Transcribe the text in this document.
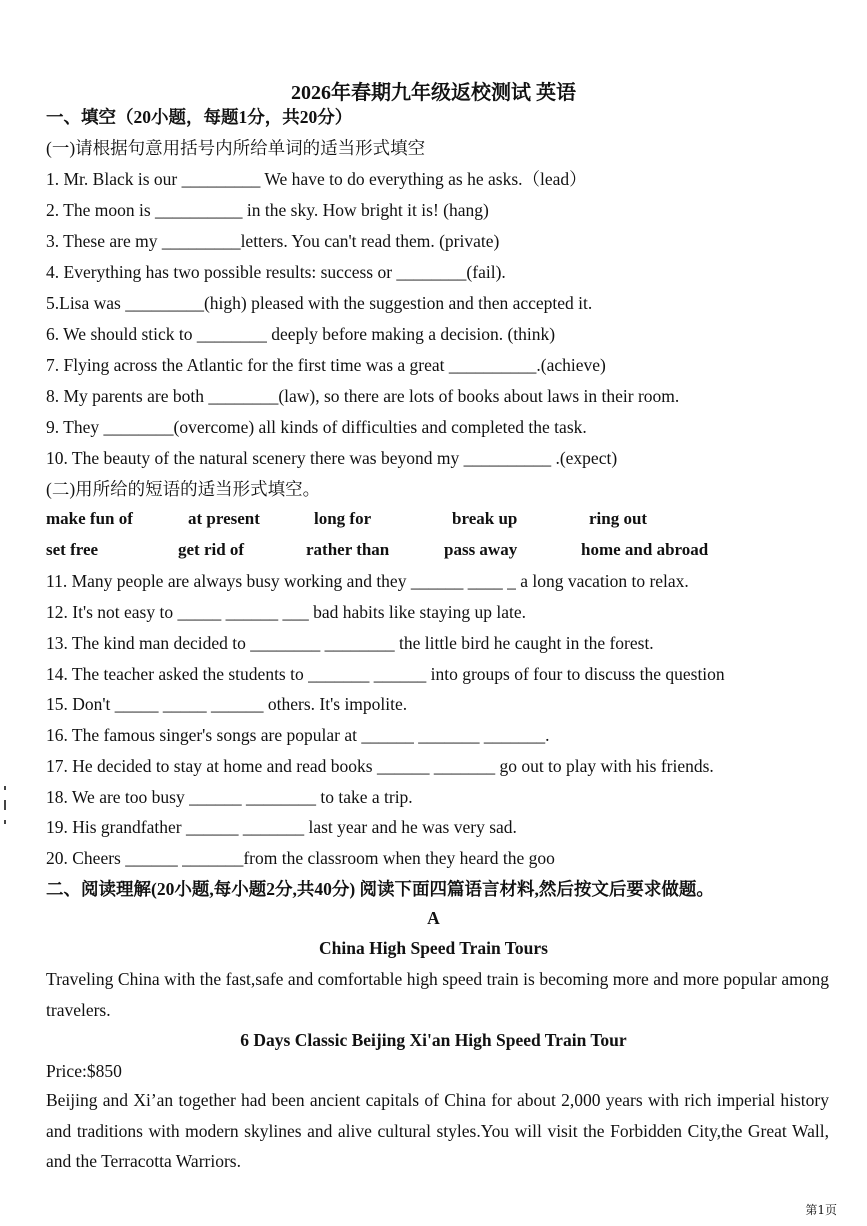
2026年春期九年级返校测试 英语
一、填空（20小题，每题1分，共20分）
(一)请根据句意用括号内所给单词的适当形式填空
1. Mr. Black is our _________ We have to do everything as he asks.（lead）
2. The moon is __________ in the sky. How bright it is! (hang)
3. These are my _________letters. You can't read them. (private)
4. Everything has two possible results: success or ________(fail).
5.Lisa was _________(high) pleased with the suggestion and then accepted it.
6. We should stick to ________ deeply before making a decision. (think)
7. Flying across the Atlantic for the first time was a great __________.(achieve)
8. My parents are both ________(law), so there are lots of books about laws in their room.
9. They ________(overcome) all kinds of difficulties and completed the task.
10. The beauty of the natural scenery there was beyond my __________ .(expect)
(二)用所给的短语的适当形式填空。
make fun of	at present	long for	break up	ring out
set free	get rid of	rather than	pass away	home and abroad
11. Many people are always busy working and they ______ ____ _ a long vacation to relax.
12. It's not easy to _____ ______ ___ bad habits like staying up late.
13. The kind man decided to ________ ________ the little bird he caught in the forest.
14. The teacher asked the students to _______ ______ into groups of four to discuss the question
15. Don't _____ _____ ______ others. It's impolite.
16. The famous singer's songs are popular at ______ _______ _______.
17. He decided to stay at home and read books ______ _______ go out to play with his friends.
18. We are too busy ______ ________ to take a trip.
19. His grandfather ______ _______ last year and he was very sad.
20. Cheers ______ _______from the classroom when they heard the goo
二、阅读理解(20小题,每小题2分,共40分) 阅读下面四篇语言材料,然后按文后要求做题。
A
China High Speed Train Tours
Traveling China with the fast,safe and comfortable high speed train is becoming more and more popular among travelers.
6 Days Classic Beijing Xi'an High Speed Train Tour
Price:$850
Beijing and Xi’an together had been ancient capitals of China for about 2,000 years with rich imperial history and traditions with modern skylines and alive cultural styles.You will visit the Forbidden City,the Great Wall, and the Terracotta Warriors.
第1页
